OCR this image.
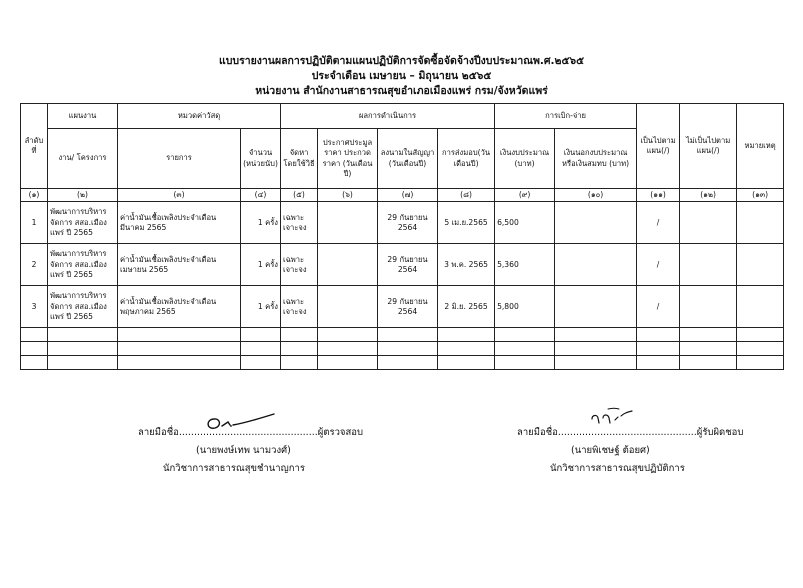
แบบรายงานผลการปฏิบัติตามแผนปฏิบัติการจัดซื้อจัดจ้างปีงบประมาณพ.ศ.๒๕๖๕
ประจำเดือน เมษายน – มิถุนายน ๒๕๖๕
หน่วยงาน สำนักงานสาธารณสุขอำเภอเมืองแพร่ กรม/จังหวัดแพร่
ลำดับที่	แผนงาน	หมวดค่าวัสดุ		ผลการดำเนินการ				การเบิก-จ่าย		เป็นไปตามแผน(/)	ไม่เป็นไปตามแผน(/)	หมายเหตุ
	งาน/ โครงการ	รายการ	จำนวน (หน่วยนับ)	จัดหาโดยใช้วิธี	ประกาศประมูลราคา ประกวดราคา (วันเดือนปี)	ลงนามในสัญญา (วันเดือนปี)	การส่งมอบ(วันเดือนปี)	เงินงบประมาณ (บาท)	เงินนอกงบประมาณ หรือเงินสมทบ (บาท)			
(๑)	(๒)	(๓)	(๔)	(๕)	(๖)	(๗)	(๘)	(๙)	(๑๐)	(๑๑)	(๑๒)	(๑๓)
1	พัฒนาการบริหารจัดการ สสอ.เมืองแพร่ ปี 2565	ค่าน้ำมันเชื้อเพลิงประจำเดือน มีนาคม 2565	1 ครั้ง	เฉพาะเจาะจง		29 กันยายน 2564	5 เม.ย.2565	6,500		/		
2	พัฒนาการบริหารจัดการ สสอ.เมืองแพร่ ปี 2565	ค่าน้ำมันเชื้อเพลิงประจำเดือน เมษายน 2565	1 ครั้ง	เฉพาะเจาะจง		29 กันยายน 2564	3 พ.ค. 2565	5,360		/		
3	พัฒนาการบริหารจัดการ สสอ.เมืองแพร่ ปี 2565	ค่าน้ำมันเชื้อเพลิงประจำเดือน พฤษภาคม 2565	1 ครั้ง	เฉพาะเจาะจง		29 กันยายน 2564	2 มิ.ย. 2565	5,800		/		

ลายมือชื่อ..............................................ผู้ตรวจสอบ
(นายพงษ์เทพ นามวงศ์)
นักวิชาการสาธารณสุขชำนาญการ
ลายมือชื่อ..............................................ผู้รับผิดชอบ
(นายพิเชษฐ์ ต้อยศ)
นักวิชาการสาธารณสุขปฏิบัติการ
